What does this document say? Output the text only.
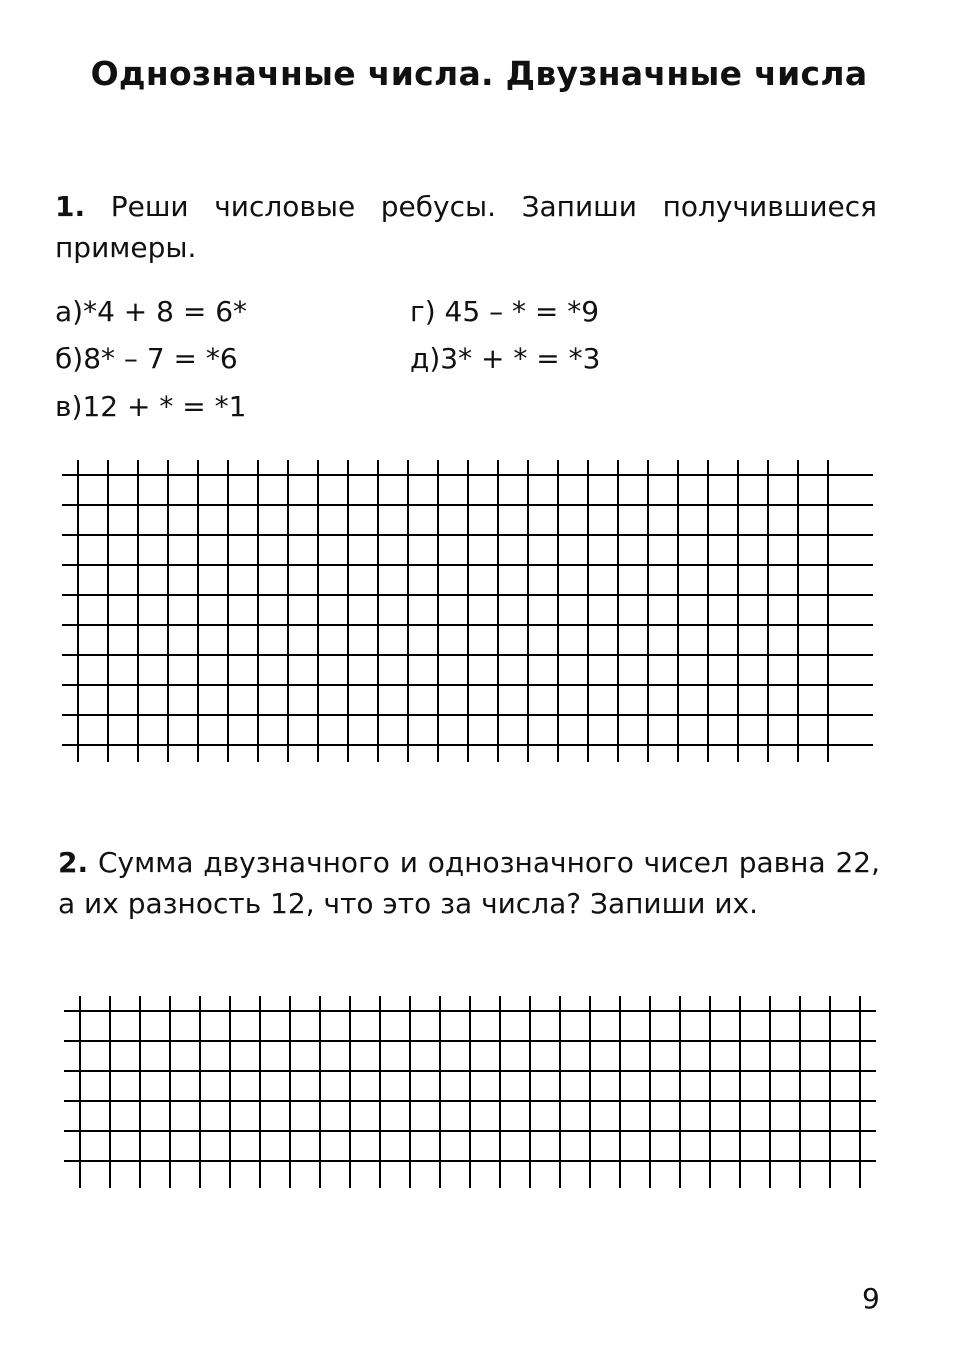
Однозначные числа. Двузначные числа
1. Реши числовые ребусы. Запиши получившиеся примеры.
а)*4 + 8 = 6*
б)8* – 7 = *6
в)12 + * = *1
г) 45 – * = *9
д)3* + * = *3
2. Сумма двузначного и однозначного чисел равна 22, а их разность 12, что это за числа? Запиши их.
9
